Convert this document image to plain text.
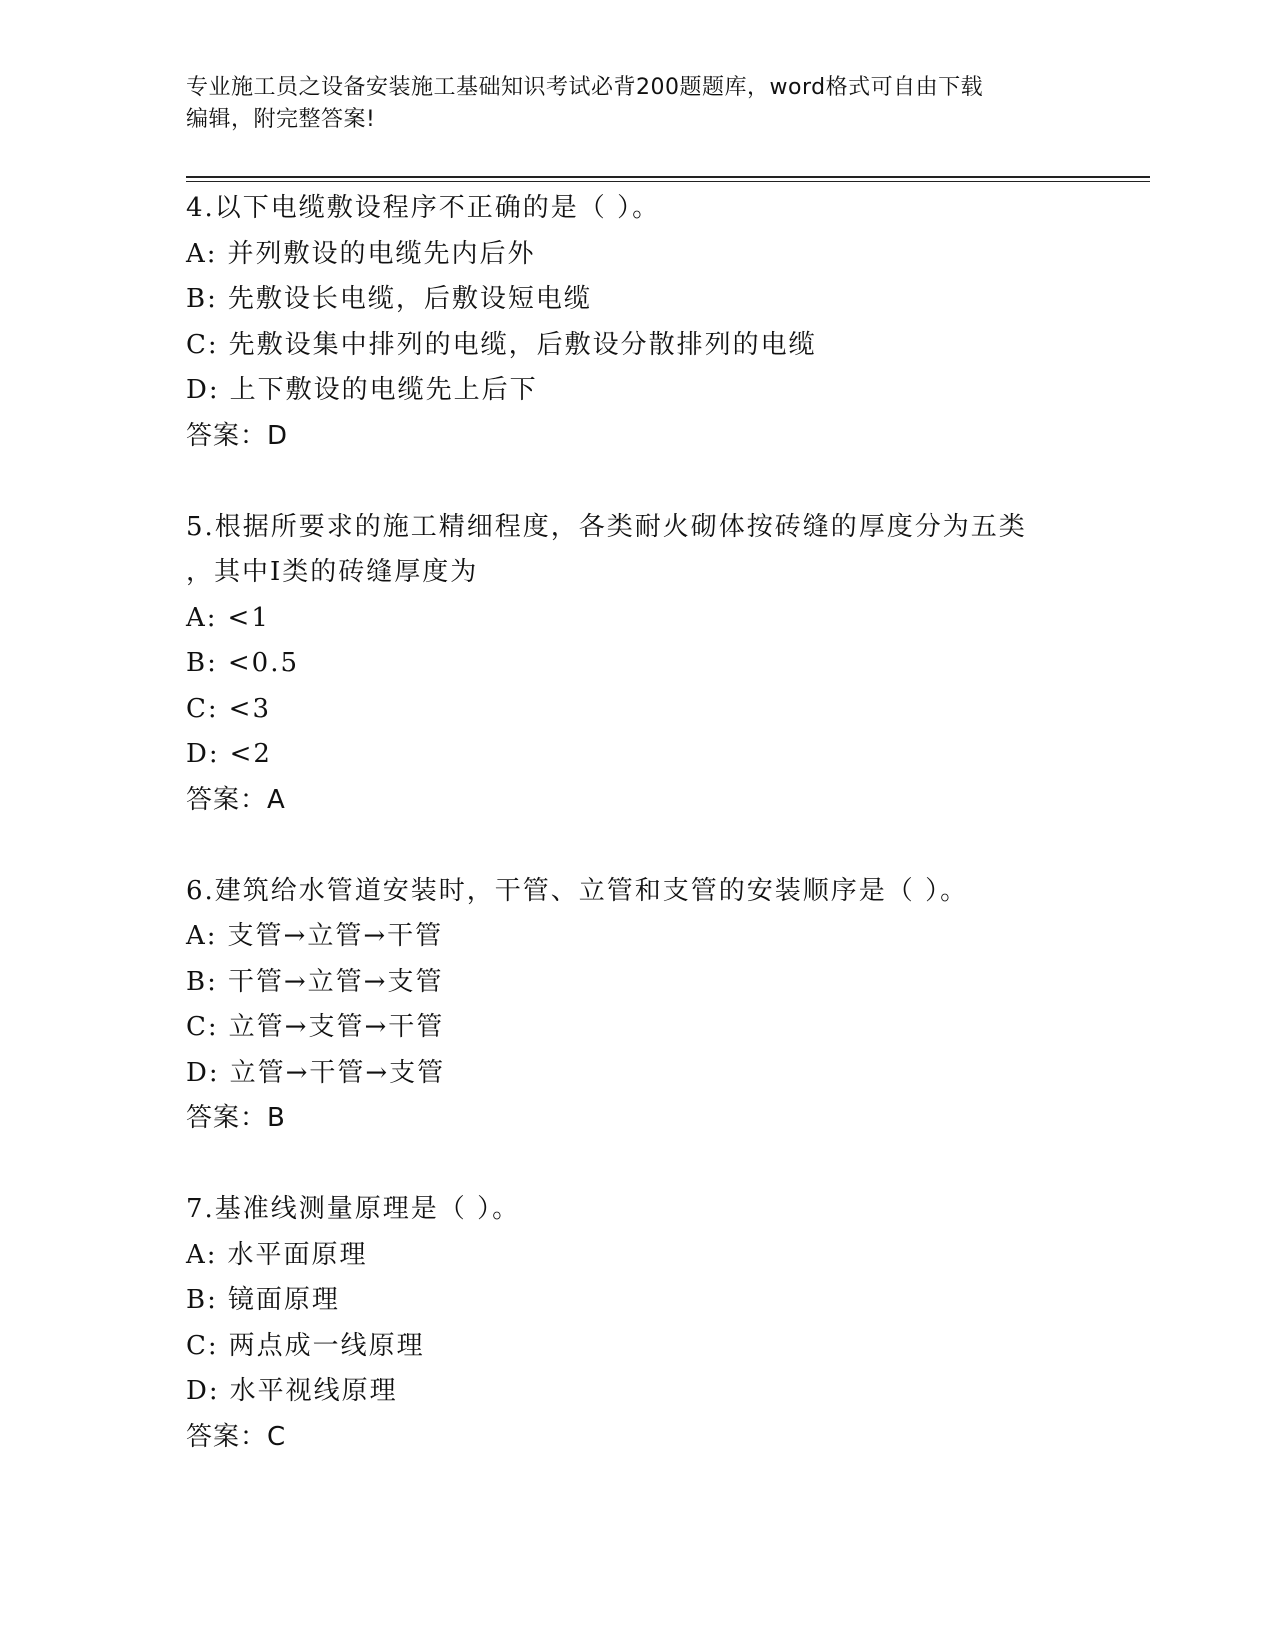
专业施工员之设备安装施工基础知识考试必背200题题库，word格式可自由下载
编辑，附完整答案!
4.以下电缆敷设程序不正确的是（ ）。
A: 并列敷设的电缆先内后外
B: 先敷设长电缆，后敷设短电缆
C: 先敷设集中排列的电缆，后敷设分散排列的电缆
D: 上下敷设的电缆先上后下
答案：D
5.根据所要求的施工精细程度，各类耐火砌体按砖缝的厚度分为五类
，其中Ⅰ类的砖缝厚度为
A: <1
B: <0.5
C: <3
D: <2
答案：A
6.建筑给水管道安装时，干管、立管和支管的安装顺序是（ ）。
A: 支管→立管→干管
B: 干管→立管→支管
C: 立管→支管→干管
D: 立管→干管→支管
答案：B
7.基准线测量原理是（ ）。
A: 水平面原理
B: 镜面原理
C: 两点成一线原理
D: 水平视线原理
答案：C
